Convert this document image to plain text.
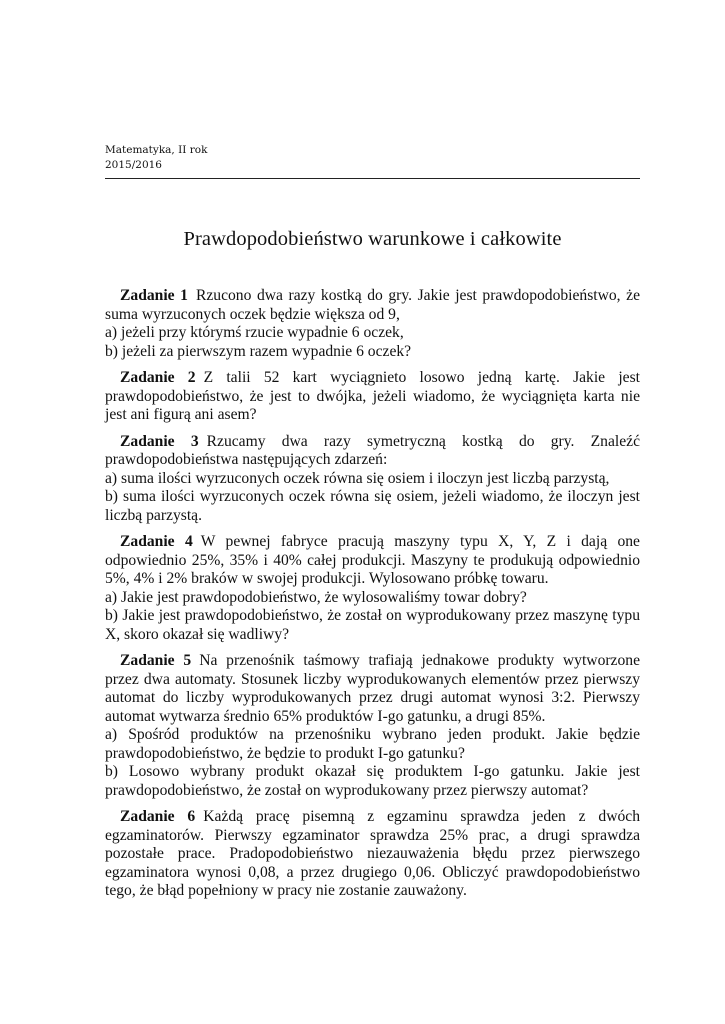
Matematyka, II rok
2015/2016
Prawdopodobieństwo warunkowe i całkowite

Zadanie 1 Rzucono dwa razy kostką do gry. Jakie jest prawdopodobieństwo, że suma wyrzuconych oczek będzie większa od 9,

a) jeżeli przy którymś rzucie wypadnie 6 oczek,

b) jeżeli za pierwszym razem wypadnie 6 oczek?

Zadanie 2 Z talii 52 kart wyciągnieto losowo jedną kartę. Jakie jest prawdopodobieństwo, że jest to dwójka, jeżeli wiadomo, że wyciągnięta karta nie jest ani figurą ani asem?

Zadanie 3 Rzucamy dwa razy symetryczną kostką do gry. Znaleźć prawdopodobieństwa następujących zdarzeń:

a) suma ilości wyrzuconych oczek równa się osiem i iloczyn jest liczbą parzystą,

b) suma ilości wyrzuconych oczek równa się osiem, jeżeli wiadomo, że iloczyn jest liczbą parzystą.

Zadanie 4 W pewnej fabryce pracują maszyny typu X, Y, Z i dają one odpowiednio 25%, 35% i 40% całej produkcji. Maszyny te produkują odpowiednio 5%, 4% i 2% braków w swojej produkcji. Wylosowano próbkę towaru.

a) Jakie jest prawdopodobieństwo, że wylosowaliśmy towar dobry?

b) Jakie jest prawdopodobieństwo, że został on wyprodukowany przez maszynę typu X, skoro okazał się wadliwy?

Zadanie 5 Na przenośnik taśmowy trafiają jednakowe produkty wytworzone przez dwa automaty. Stosunek liczby wyprodukowanych elementów przez pierwszy automat do liczby wyprodukowanych przez drugi automat wynosi 3:2. Pierwszy automat wytwarza średnio 65% produktów I-go gatunku, a drugi 85%.

a) Spośród produktów na przenośniku wybrano jeden produkt. Jakie będzie prawdopodobieństwo, że będzie to produkt I-go gatunku?

b) Losowo wybrany produkt okazał się produktem I-go gatunku. Jakie jest prawdopodobieństwo, że został on wyprodukowany przez pierwszy automat?

Zadanie 6 Każdą pracę pisemną z egzaminu sprawdza jeden z dwóch egzaminatorów. Pierwszy egzaminator sprawdza 25% prac, a drugi sprawdza pozostałe prace. Pradopodobieństwo niezauważenia błędu przez pierwszego egzaminatora wynosi 0,08, a przez drugiego 0,06. Obliczyć prawdopodobieństwo tego, że błąd popełniony w pracy nie zostanie zauważony.
